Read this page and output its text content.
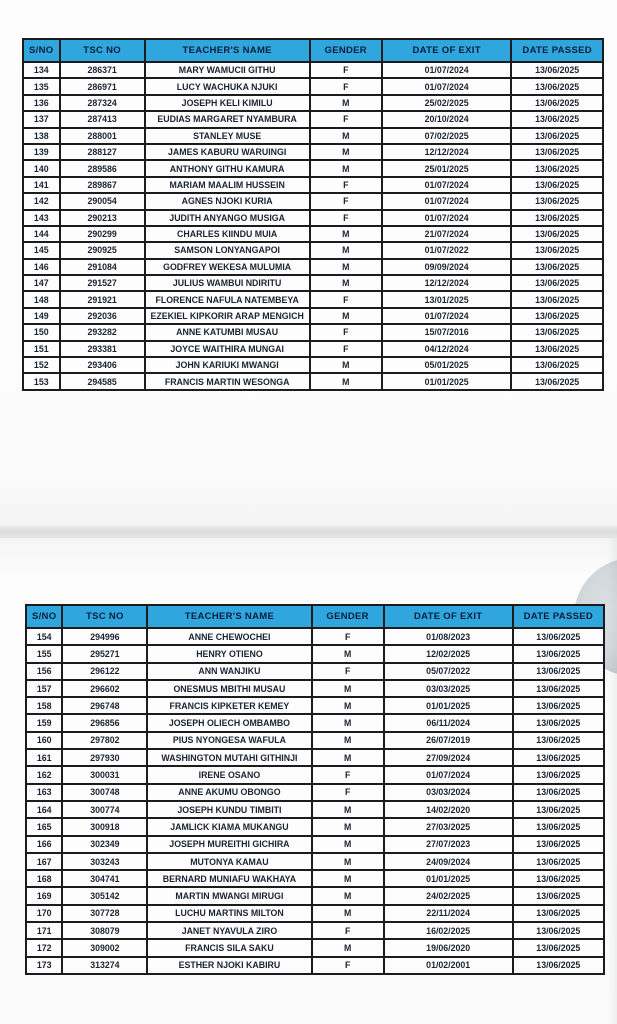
S/NO	TSC NO	TEACHER'S NAME	GENDER	DATE OF EXIT	DATE PASSED
134	286371	MARY WAMUCII GITHU	F	01/07/2024	13/06/2025
135	286971	LUCY WACHUKA NJUKI	F	01/07/2024	13/06/2025
136	287324	JOSEPH KELI KIMILU	M	25/02/2025	13/06/2025
137	287413	EUDIAS MARGARET NYAMBURA	F	20/10/2024	13/06/2025
138	288001	STANLEY MUSE	M	07/02/2025	13/06/2025
139	288127	JAMES KABURU WARUINGI	M	12/12/2024	13/06/2025
140	289586	ANTHONY GITHU KAMURA	M	25/01/2025	13/06/2025
141	289867	MARIAM MAALIM HUSSEIN	F	01/07/2024	13/06/2025
142	290054	AGNES NJOKI KURIA	F	01/07/2024	13/06/2025
143	290213	JUDITH ANYANGO MUSIGA	F	01/07/2024	13/06/2025
144	290299	CHARLES KIINDU MUIA	M	21/07/2024	13/06/2025
145	290925	SAMSON LONYANGAPOI	M	01/07/2022	13/06/2025
146	291084	GODFREY WEKESA MULUMIA	M	09/09/2024	13/06/2025
147	291527	JULIUS WAMBUI NDIRITU	M	12/12/2024	13/06/2025
148	291921	FLORENCE NAFULA NATEMBEYA	F	13/01/2025	13/06/2025
149	292036	EZEKIEL KIPKORIR ARAP MENGICH	M	01/07/2024	13/06/2025
150	293282	ANNE KATUMBI MUSAU	F	15/07/2016	13/06/2025
151	293381	JOYCE WAITHIRA MUNGAI	F	04/12/2024	13/06/2025
152	293406	JOHN KARIUKI MWANGI	M	05/01/2025	13/06/2025
153	294585	FRANCIS MARTIN WESONGA	M	01/01/2025	13/06/2025
S/NO	TSC NO	TEACHER'S NAME	GENDER	DATE OF EXIT	DATE PASSED
154	294996	ANNE CHEWOCHEI	F	01/08/2023	13/06/2025
155	295271	HENRY OTIENO	M	12/02/2025	13/06/2025
156	296122	ANN WANJIKU	F	05/07/2022	13/06/2025
157	296602	ONESMUS MBITHI MUSAU	M	03/03/2025	13/06/2025
158	296748	FRANCIS KIPKETER KEMEY	M	01/01/2025	13/06/2025
159	296856	JOSEPH OLIECH OMBAMBO	M	06/11/2024	13/06/2025
160	297802	PIUS NYONGESA WAFULA	M	26/07/2019	13/06/2025
161	297930	WASHINGTON MUTAHI GITHINJI	M	27/09/2024	13/06/2025
162	300031	IRENE OSANO	F	01/07/2024	13/06/2025
163	300748	ANNE AKUMU OBONGO	F	03/03/2024	13/06/2025
164	300774	JOSEPH KUNDU TIMBITI	M	14/02/2020	13/06/2025
165	300918	JAMLICK KIAMA MUKANGU	M	27/03/2025	13/06/2025
166	302349	JOSEPH MUREITHI GICHIRA	M	27/07/2023	13/06/2025
167	303243	MUTONYA KAMAU	M	24/09/2024	13/06/2025
168	304741	BERNARD MUNIAFU WAKHAYA	M	01/01/2025	13/06/2025
169	305142	MARTIN MWANGI MIRUGI	M	24/02/2025	13/06/2025
170	307728	LUCHU MARTINS MILTON	M	22/11/2024	13/06/2025
171	308079	JANET NYAVULA ZIRO	F	16/02/2025	13/06/2025
172	309002	FRANCIS SILA SAKU	M	19/06/2020	13/06/2025
173	313274	ESTHER NJOKI KABIRU	F	01/02/2001	13/06/2025
